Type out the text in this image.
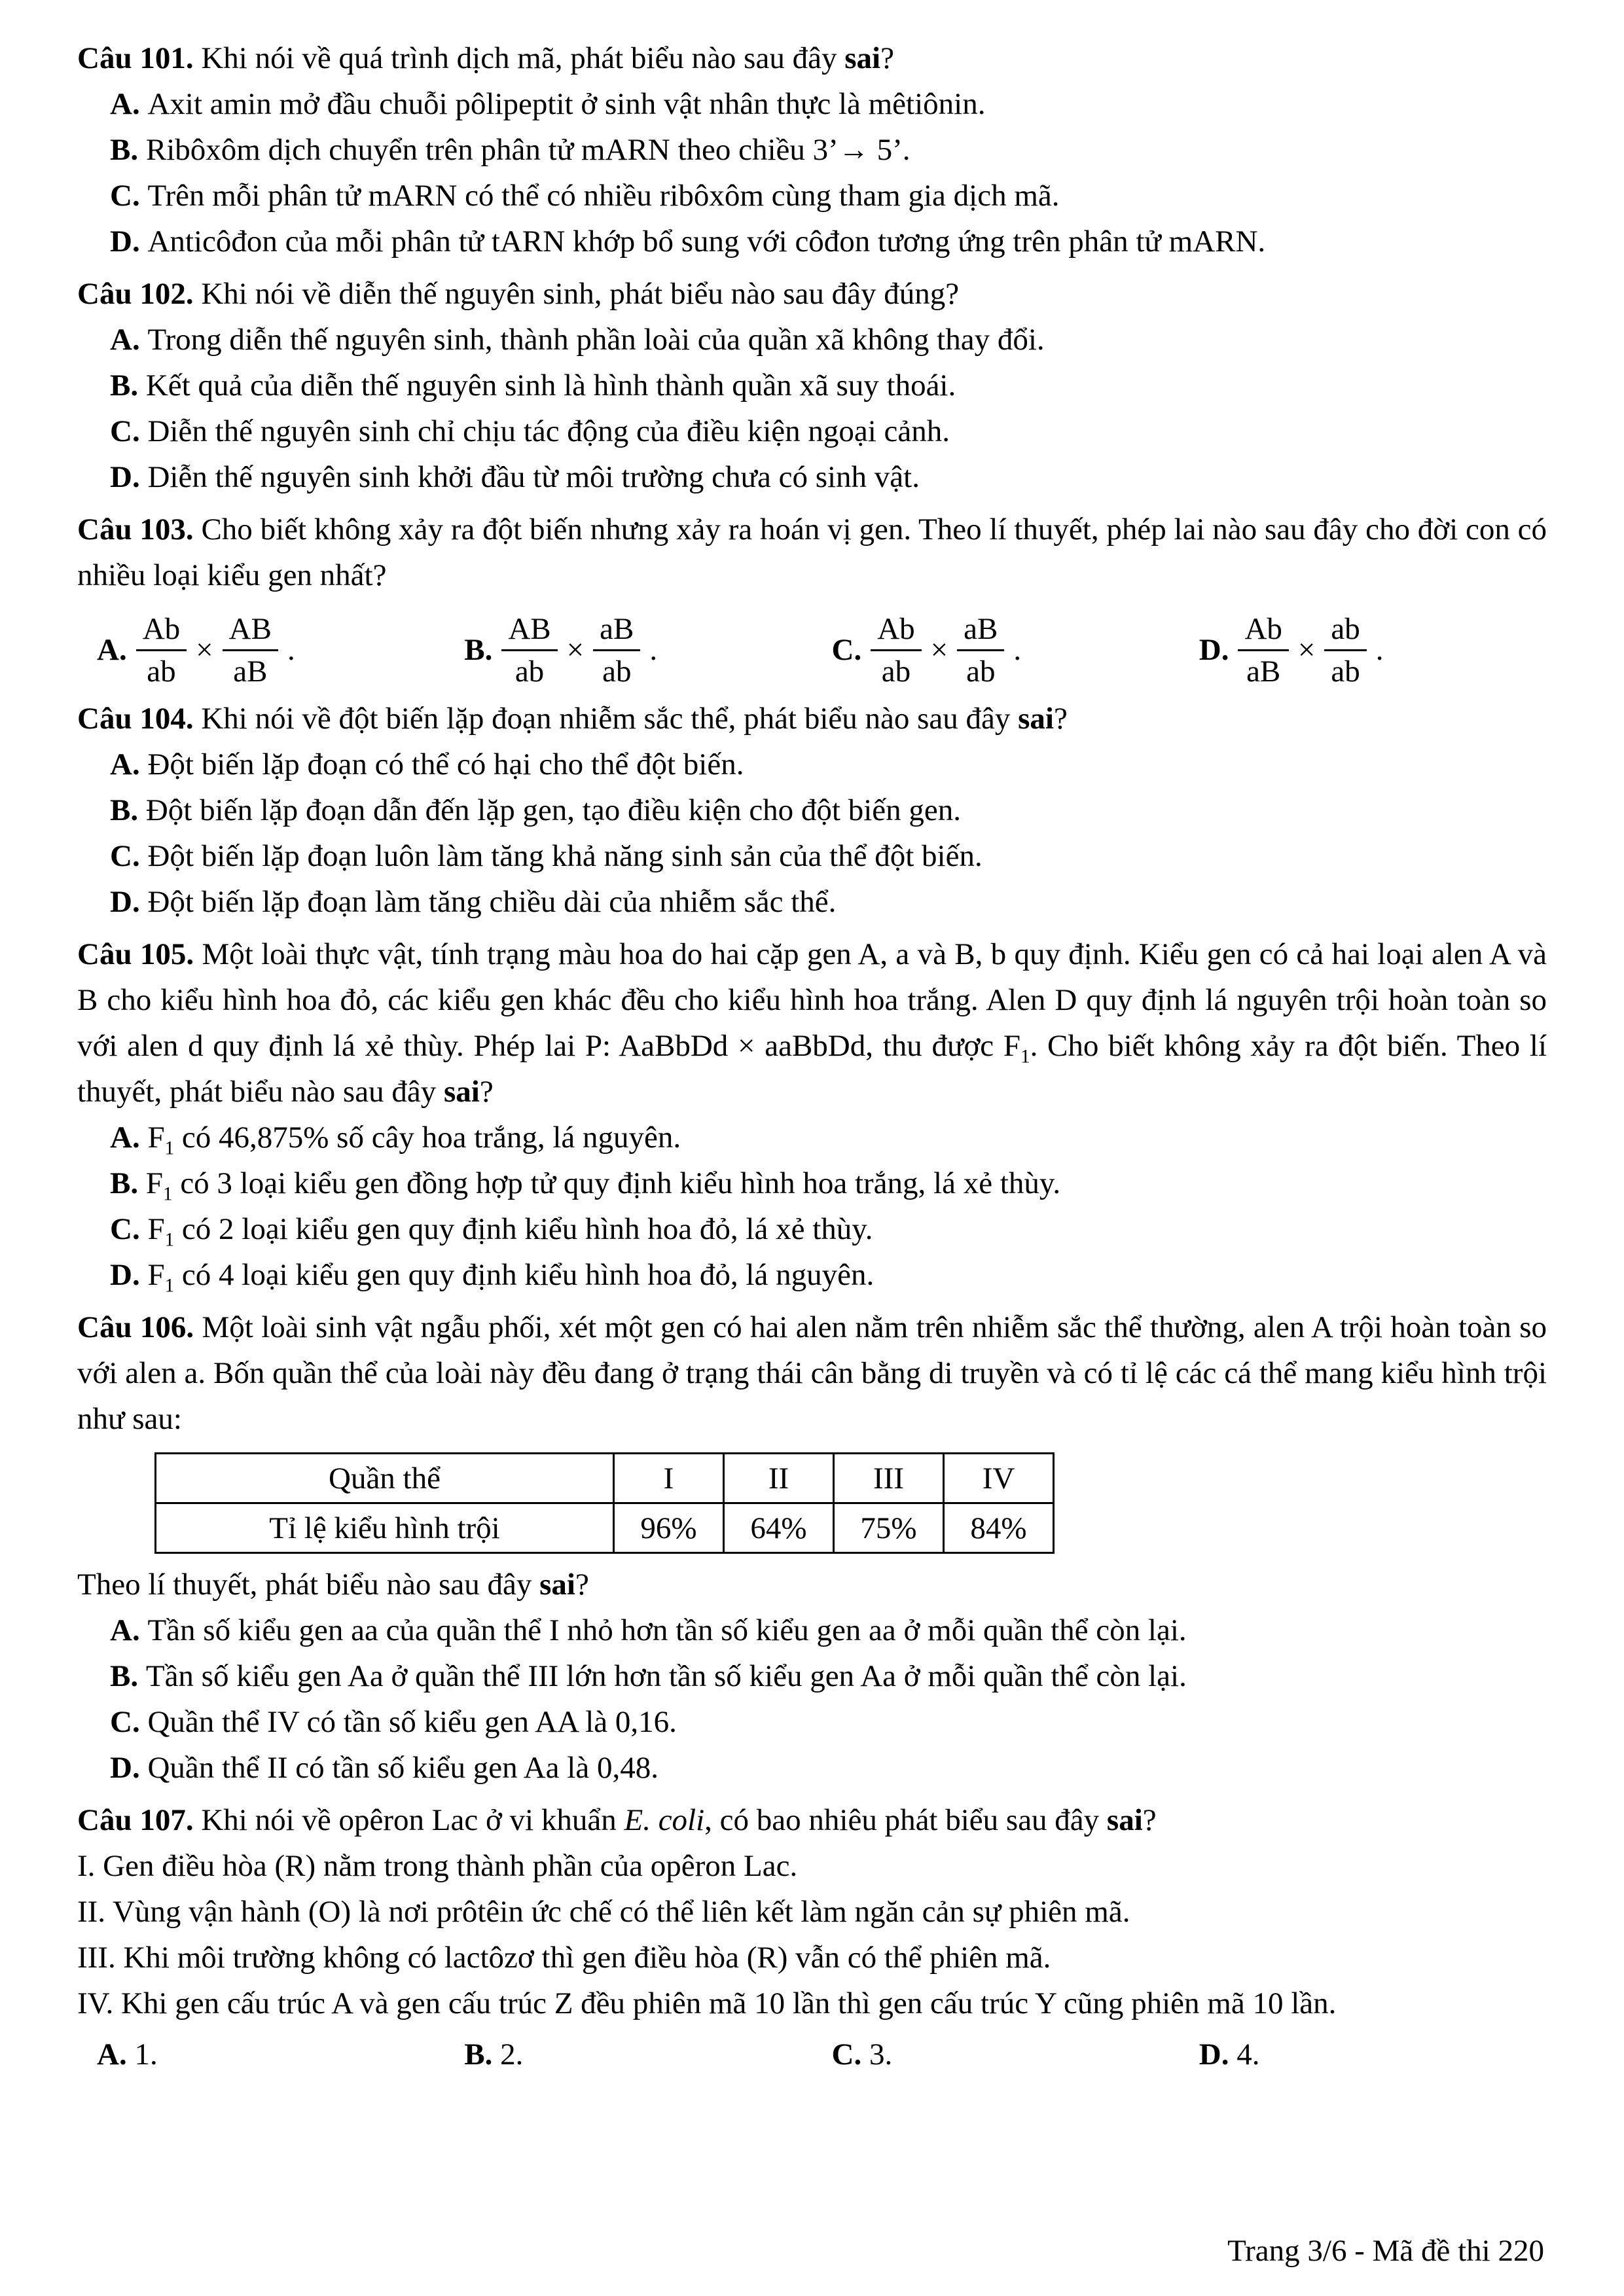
Câu 101. Khi nói về quá trình dịch mã, phát biểu nào sau đây sai?

A. Axit amin mở đầu chuỗi pôlipeptit ở sinh vật nhân thực là mêtiônin.

B. Ribôxôm dịch chuyển trên phân tử mARN theo chiều 3’→ 5’.

C. Trên mỗi phân tử mARN có thể có nhiều ribôxôm cùng tham gia dịch mã.

D. Anticôđon của mỗi phân tử tARN khớp bổ sung với côđon tương ứng trên phân tử mARN.

Câu 102. Khi nói về diễn thế nguyên sinh, phát biểu nào sau đây đúng?

A. Trong diễn thế nguyên sinh, thành phần loài của quần xã không thay đổi.

B. Kết quả của diễn thế nguyên sinh là hình thành quần xã suy thoái.

C. Diễn thế nguyên sinh chỉ chịu tác động của điều kiện ngoại cảnh.

D. Diễn thế nguyên sinh khởi đầu từ môi trường chưa có sinh vật.

Câu 103. Cho biết không xảy ra đột biến nhưng xảy ra hoán vị gen. Theo lí thuyết, phép lai nào sau đây cho đời con có nhiều loại kiểu gen nhất?

A. $\frac{Ab}{ab} \times \frac{AB}{aB}$ .	B. $\frac{AB}{ab} \times \frac{aB}{ab}$ .	C. $\frac{Ab}{ab} \times \frac{aB}{ab}$ .	D. $\frac{Ab}{aB} \times \frac{ab}{ab}$ .

Câu 104. Khi nói về đột biến lặp đoạn nhiễm sắc thể, phát biểu nào sau đây sai?

A. Đột biến lặp đoạn có thể có hại cho thể đột biến.

B. Đột biến lặp đoạn dẫn đến lặp gen, tạo điều kiện cho đột biến gen.

C. Đột biến lặp đoạn luôn làm tăng khả năng sinh sản của thể đột biến.

D. Đột biến lặp đoạn làm tăng chiều dài của nhiễm sắc thể.

Câu 105. Một loài thực vật, tính trạng màu hoa do hai cặp gen A, a và B, b quy định. Kiểu gen có cả hai loại alen A và B cho kiểu hình hoa đỏ, các kiểu gen khác đều cho kiểu hình hoa trắng. Alen D quy định lá nguyên trội hoàn toàn so với alen d quy định lá xẻ thùy. Phép lai P: AaBbDd × aaBbDd, thu được $F_1$. Cho biết không xảy ra đột biến. Theo lí thuyết, phát biểu nào sau đây sai?

A. $F_1$ có 46,875% số cây hoa trắng, lá nguyên.

B. $F_1$ có 3 loại kiểu gen đồng hợp tử quy định kiểu hình hoa trắng, lá xẻ thùy.

C. $F_1$ có 2 loại kiểu gen quy định kiểu hình hoa đỏ, lá xẻ thùy.

D. $F_1$ có 4 loại kiểu gen quy định kiểu hình hoa đỏ, lá nguyên.

Câu 106. Một loài sinh vật ngẫu phối, xét một gen có hai alen nằm trên nhiễm sắc thể thường, alen A trội hoàn toàn so với alen a. Bốn quần thể của loài này đều đang ở trạng thái cân bằng di truyền và có tỉ lệ các cá thể mang kiểu hình trội như sau:

Quần thể	I	II	III	IV
Tỉ lệ kiểu hình trội	96%	64%	75%	84%

Theo lí thuyết, phát biểu nào sau đây sai?

A. Tần số kiểu gen aa của quần thể I nhỏ hơn tần số kiểu gen aa ở mỗi quần thể còn lại.

B. Tần số kiểu gen Aa ở quần thể III lớn hơn tần số kiểu gen Aa ở mỗi quần thể còn lại.

C. Quần thể IV có tần số kiểu gen AA là 0,16.

D. Quần thể II có tần số kiểu gen Aa là 0,48.

Câu 107. Khi nói về opêron Lac ở vi khuẩn E. coli, có bao nhiêu phát biểu sau đây sai?

I. Gen điều hòa (R) nằm trong thành phần của opêron Lac.

II. Vùng vận hành (O) là nơi prôtêin ức chế có thể liên kết làm ngăn cản sự phiên mã.

III. Khi môi trường không có lactôzơ thì gen điều hòa (R) vẫn có thể phiên mã.

IV. Khi gen cấu trúc A và gen cấu trúc Z đều phiên mã 10 lần thì gen cấu trúc Y cũng phiên mã 10 lần.

A. 1.	B. 2.	C. 3.	D. 4.
Trang 3/6 - Mã đề thi 220
